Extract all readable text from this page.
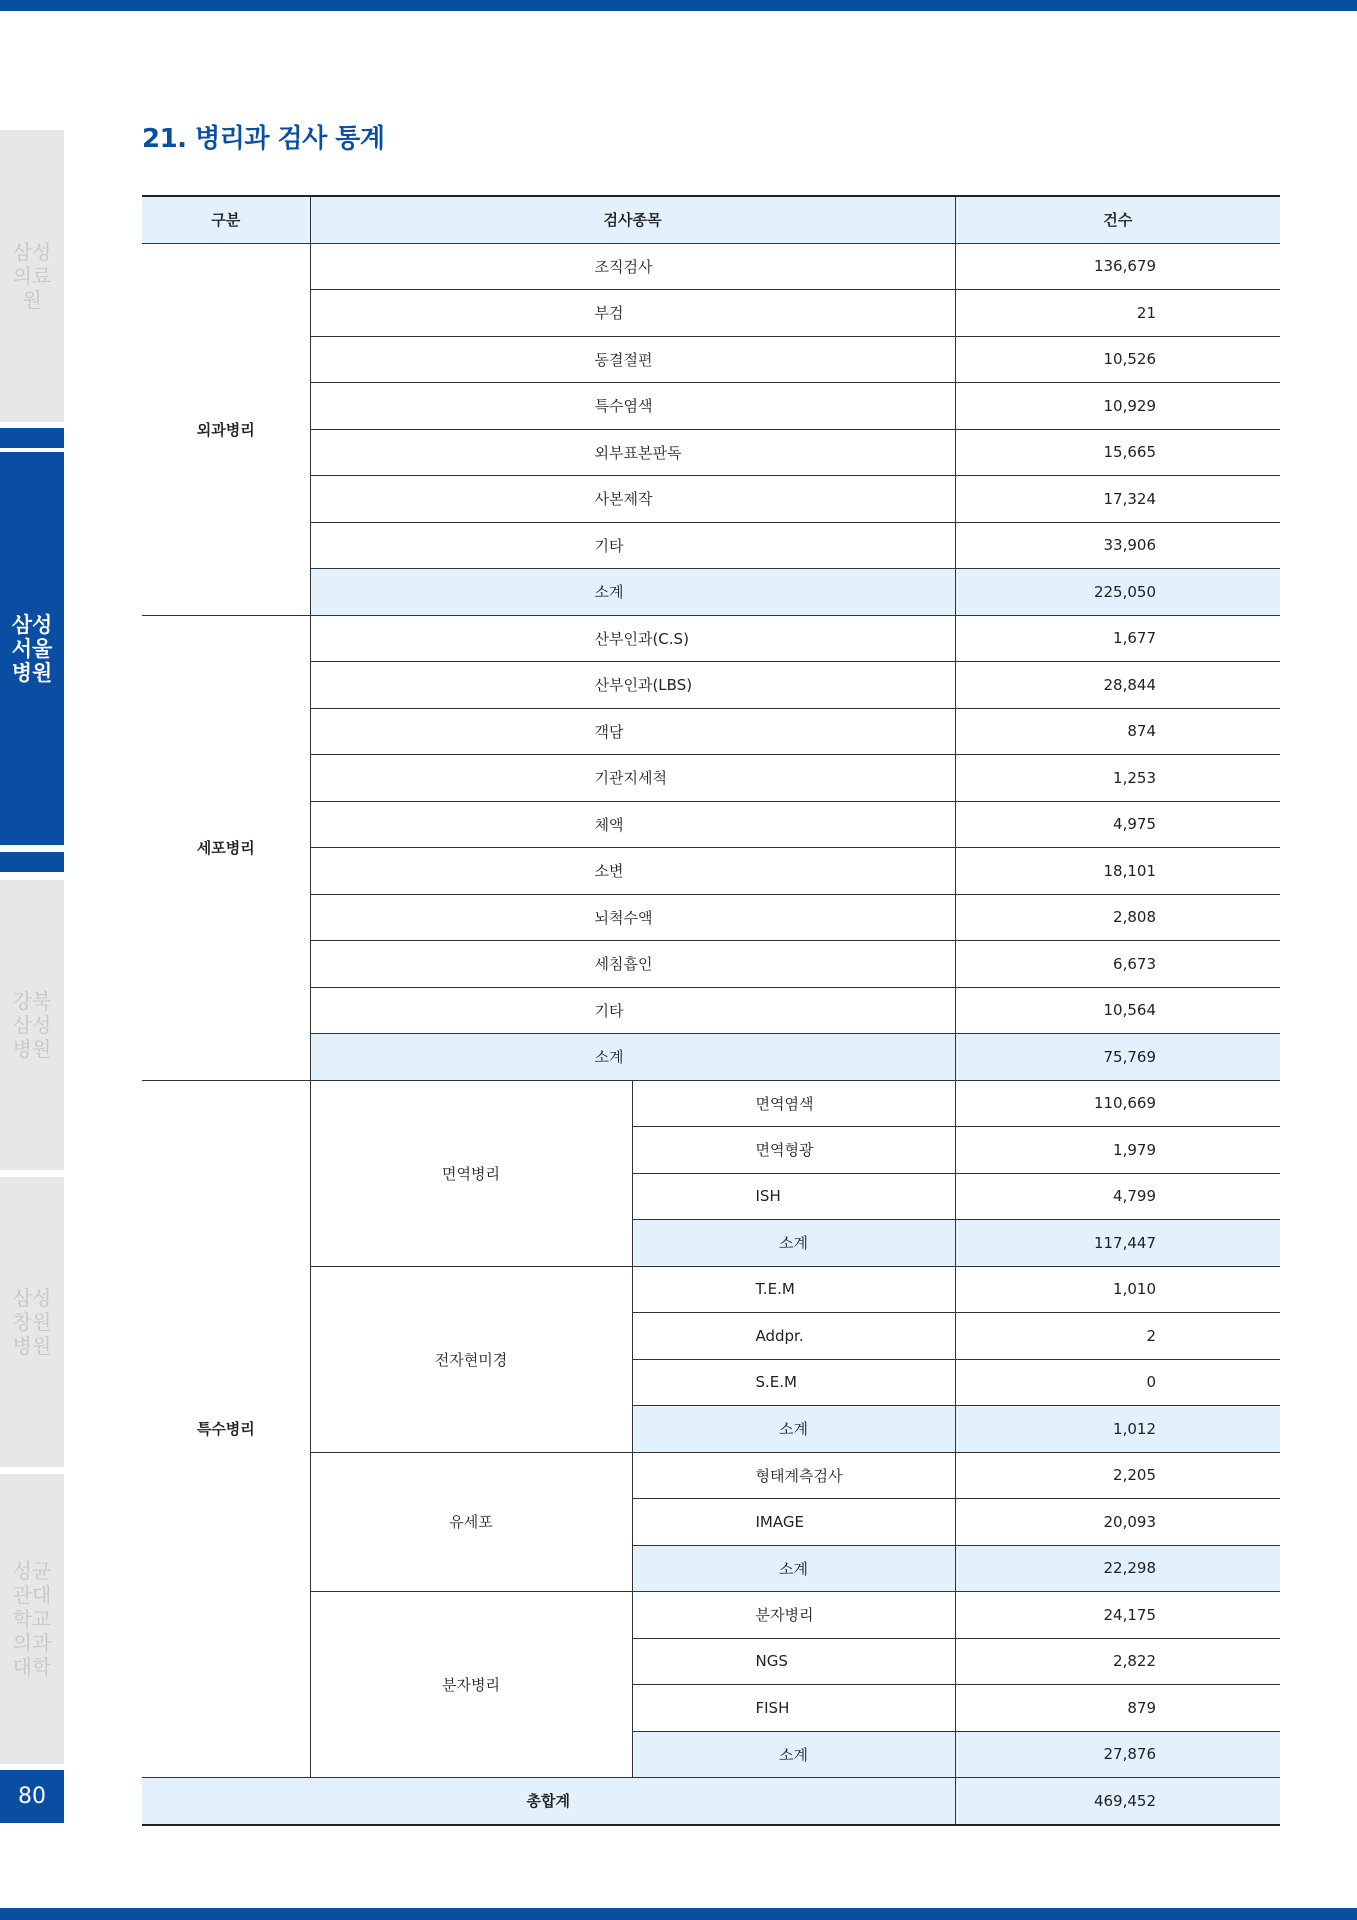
삼성의료원
삼성서울병원
강북삼성병원
삼성창원병원
성균관대학교 의과대학
80
21. 병리과 검사 통계
구분	검사종목		건수
외과병리	조직검사		136,679
	부검		21
	동결절편		10,526
	특수염색		10,929
	외부표본판독		15,665
	사본제작		17,324
	기타		33,906
	소계		225,050
세포병리	산부인과(C.S)		1,677
	산부인과(LBS)		28,844
	객담		874
	기관지세척		1,253
	체액		4,975
	소변		18,101
	뇌척수액		2,808
	세침흡인		6,673
	기타		10,564
	소계		75,769
특수병리	면역병리	면역염색	110,669
		면역형광	1,979
		ISH	4,799
		소계	117,447
	전자현미경	T.E.M	1,010
		Addpr.	2
		S.E.M	0
		소계	1,012
	유세포	형태계측검사	2,205
		IMAGE	20,093
		소계	22,298
	분자병리	분자병리	24,175
		NGS	2,822
		FISH	879
		소계	27,876
총합계			469,452
